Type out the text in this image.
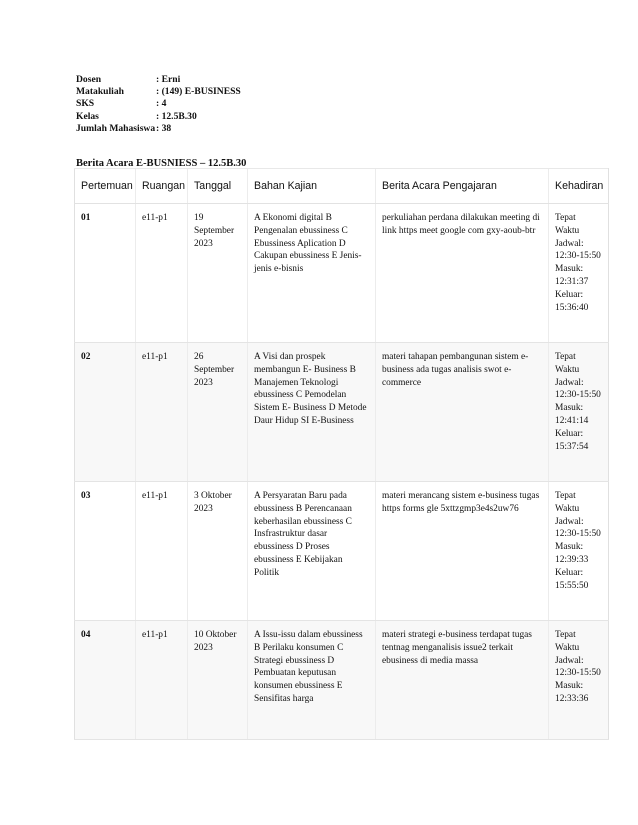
Dosen	: Erni
Matakuliah	: (149) E-BUSINESS
SKS	: 4
Kelas	: 12.5B.30
Jumlah Mahasiswa : 38
Berita Acara E-BUSNIESS – 12.5B.30
Pertemuan	Ruangan	Tanggal	Bahan Kajian	Berita Acara Pengajaran	Kehadiran
01	e11-p1	19 September 2023	A Ekonomi digital B Pengenalan ebussiness C Ebussiness Aplication D Cakupan ebussiness E Jenis-jenis e-bisnis	perkuliahan perdana dilakukan meeting di link https meet google com gxy-aoub-btr	Tepat Waktu Jadwal: 12:30-15:50 Masuk: 12:31:37 Keluar: 15:36:40
02	e11-p1	26 September 2023	A Visi dan prospek membangun E- Business B Manajemen Teknologi ebussiness C Pemodelan Sistem E- Business D Metode Daur Hidup SI E-Business	materi tahapan pembangunan sistem e-business ada tugas analisis swot e-commerce	Tepat Waktu Jadwal: 12:30-15:50 Masuk: 12:41:14 Keluar: 15:37:54
03	e11-p1	3 Oktober 2023	A Persyaratan Baru pada ebussiness B Perencanaan keberhasilan ebussiness C Insfrastruktur dasar ebussiness D Proses ebussiness E Kebijakan Politik	materi merancang sistem e-business tugas https forms gle 5xttzgmp3e4s2uw76	Tepat Waktu Jadwal: 12:30-15:50 Masuk: 12:39:33 Keluar: 15:55:50
04	e11-p1	10 Oktober 2023	A Issu-issu dalam ebussiness B Perilaku konsumen C Strategi ebussiness D Pembuatan keputusan konsumen ebussiness E Sensifitas harga	materi strategi e-business terdapat tugas tentnag menganalisis issue2 terkait ebusiness di media massa	Tepat Waktu Jadwal: 12:30-15:50 Masuk: 12:33:36
